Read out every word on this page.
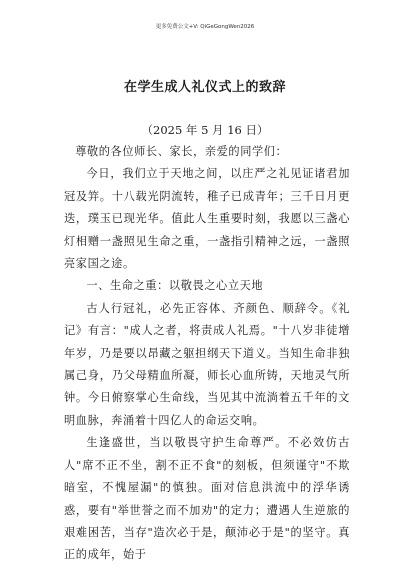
更多免费公文+V: QiGeGongWen2026
在学生成人礼仪式上的致辞
（2025 年 5 月 16 日）

尊敬的各位师长、家长，亲爱的同学们：

今日，我们立于天地之间，以庄严之礼见证诸君加冠及笄。十八载光阴流转，稚子已成青年；三千日月更迭，璞玉已现光华。值此人生重要时刻，我愿以三盏心灯相赠一盏照见生命之重，一盏指引精神之远，一盏照亮家国之途。

一、生命之重：以敬畏之心立天地

古人行冠礼，必先正容体、齐颜色、顺辞令。《礼记》有言："成人之者，将责成人礼焉。"十八岁非徒增年岁，乃是要以昂藏之躯担纲天下道义。当知生命非独属己身，乃父母精血所凝，师长心血所铸，天地灵气所钟。今日俯察掌心生命线，当见其中流淌着五千年的文明血脉，奔涌着十四亿人的命运交响。

生逢盛世，当以敬畏守护生命尊严。不必效仿古人"席不正不坐，割不正不食"的刻板，但须谨守"不欺暗室，不愧屋漏"的慎独。面对信息洪流中的浮华诱惑，要有"举世誉之而不加劝"的定力；遭遇人生逆旅的艰难困苦，当存"造次必于是，颠沛必于是"的坚守。真正的成年，始于
